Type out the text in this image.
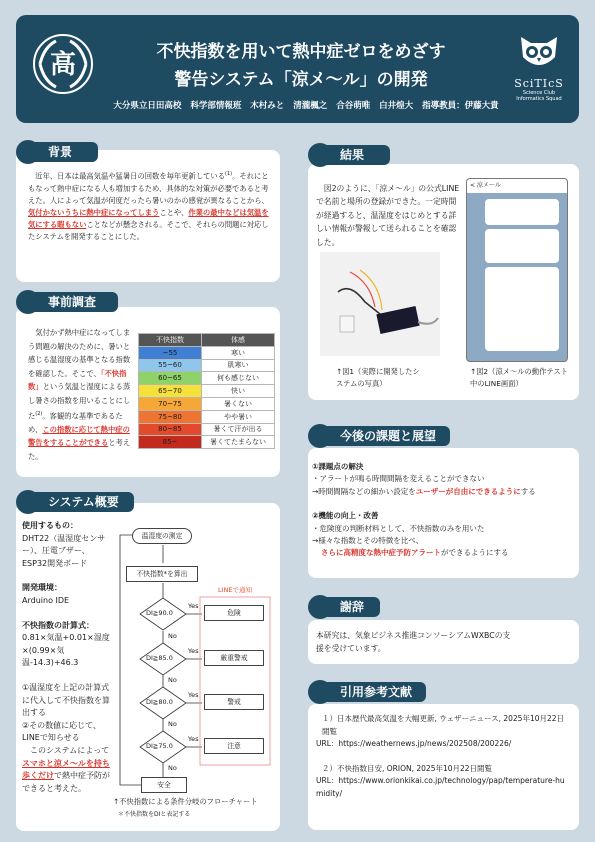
高	不快指数を用いて熱中症ゼロをめざす
警告システム「涼メ～ル」の開発
大分県立日田高校 科学部情報班 木村みと 清瀧楓之 合谷萌唯 白井煌大 指導教員：伊藤大貴
SciTIcS
Science Club
Informatics Squad
背景
　近年、日本は最高気温や猛暑日の回数を毎年更新している$^{(1)}$。それにともなって熱中症になる人も増加するため、具体的な対策が必要であると考えた。人によって気温が何度だったら暑いのかの感覚が異なることから、気付かないうちに熱中症になってしまうことや、作業の最中などは気温を気にする暇もないことなどが懸念される。そこで、それらの問題に対応したシステムを開発することにした。
事前調査
　気付かず熱中症になってしまう問題の解決のために、暑いと感じる温湿度の基準となる指数を確認した。そこで、「不快指数」という気温と湿度による蒸し暑さの指数を用いることにした$^{(2)}$。客観的な基準であるため、この指数に応じて熱中症の警告をすることができると考えた。
不快指数	体感
~55	寒い
55~60	肌寒い
60~65	何も感じない
65~70	快い
70~75	暑くない
75~80	やや暑い
80~85	暑くて汗が出る
85~	暑くてたまらない
システム概要
使用するもの：
DHT22（温湿度センサー）、圧電ブザー、ESP32開発ボード
開発環境：
Arduino IDE
不快指数の計算式：
0.81×気温+0.01×湿度×(0.99×気温-14.3)+46.3
①温湿度を上記の計算式に代入して不快指数を算出する
②その数値に応じて、LINEで知らせる
　このシステムによってスマホと涼メ～ルを持ち歩くだけで熱中症予防ができると考えた。
温湿度の測定
不快指数*を算出
LINEで通知
DI≧90.0
DI≧85.0
DI≧80.0
DI≧75.0
危険
厳重警戒
警戒
注意
安全
Yes
Yes
Yes
Yes
No
No
No
No
↑不快指数による条件分岐のフローチャート
＊不快指数をDIと表記する
結果
　図2のように、「涼メ～ル」の公式LINEで名前と場所の登録ができた。一定時間が経過すると、温湿度をはじめとする詳しい情報が警報して送られることを確認した。
↑図1（実際に開発したシステムの写真）
< 涼メ～ル
↑図2（涼メ～ルの動作テスト中のLINE画面）
今後の課題と展望
①課題点の解決
・アラートが鳴る時間間隔を変えることができない
→時間間隔などの細かい設定をユーザーが自由にできるようにする
②機能の向上・改善
・危険度の判断材料として、不快指数のみを用いた
→様々な指数とその特徴を比べ、
さらに高精度な熱中症予防アラートができるようにする
謝辞
本研究は、気象ビジネス推進コンソーシアムWXBCの支援を受けています。
引用参考文献
１）日本歴代最高気温を大幅更新, ウェザーニュース, 2025年10月22日閲覧
URL：https://weathernews.jp/news/202508/200226/
２）不快指数目安, ORION, 2025年10月22日閲覧
URL：https://www.orionkikai.co.jp/technology/pap/temperature-humidity/
